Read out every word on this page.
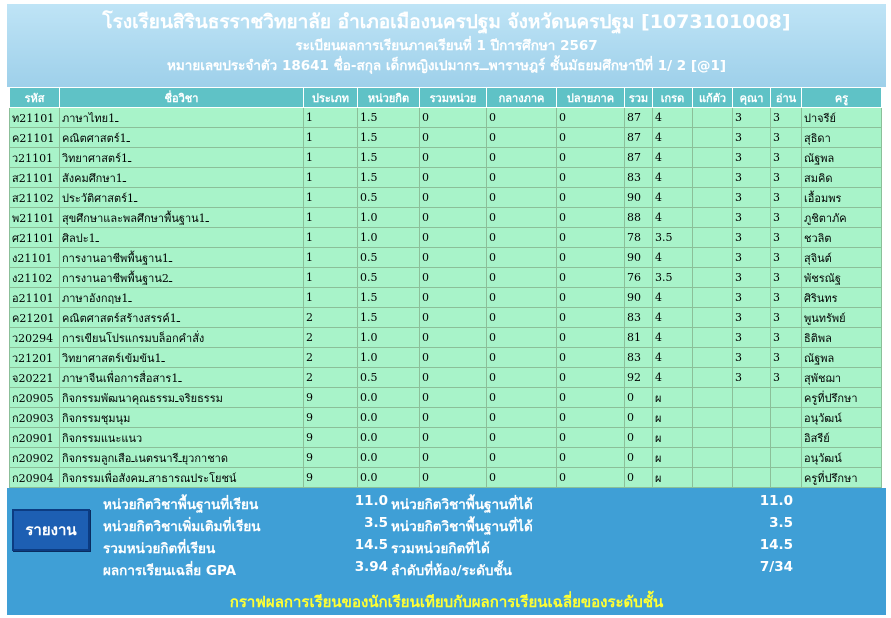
โรงเรียนสิรินธรราชวิทยาลัย อำเภอเมืองนครปฐม จังหวัดนครปฐม [1073101008]
ระเบียนผลการเรียนภาคเรียนที่ 1 ปีการศึกษา 2567
หมายเลขประจำตัว 18641 ชื่อ-สกุล เด็กหญิงเปมากรــพาราษฎร์ ชั้นมัธยมศึกษาปีที่ 1/ 2 [@1]
รหัส	ชื่อวิชา	ประเภท	หน่วยกิต	รวมหน่วย	กลางภาค	ปลายภาค	รวม	เกรด	แก้ตัว	คุณา	อ่าน	ครู
ท21101	ภาษาไทยـ1	1	1.5	0	0	0	87	4		3	3	ปาจรีย์
ค21101	คณิตศาสตร์ـ1	1	1.5	0	0	0	87	4		3	3	สุธิดา
ว21101	วิทยาศาสตร์ـ1	1	1.5	0	0	0	87	4		3	3	ณัฐพล
ส21101	สังคมศึกษาـ1	1	1.5	0	0	0	83	4		3	3	สมคิด
ส21102	ประวัติศาสตร์ـ1	1	0.5	0	0	0	90	4		3	3	เอื้อมพร
พ21101	สุขศึกษาและพลศึกษาพื้นฐานـ1	1	1.0	0	0	0	88	4		3	3	ภูชิตาภัค
ศ21101	ศิลปะـ1	1	1.0	0	0	0	78	3.5		3	3	ชวลิต
ง21101	การงานอาชีพพื้นฐานـ1	1	0.5	0	0	0	90	4		3	3	สุจินต์
ง21102	การงานอาชีพพื้นฐานـ2	1	0.5	0	0	0	76	3.5		3	3	พัชรณัฐ
อ21101	ภาษาอังกฤษـ1	1	1.5	0	0	0	90	4		3	3	ศิรินทร
ค21201	คณิตศาสตร์สร้างสรรค์ـ1	2	1.5	0	0	0	83	4		3	3	พูนทรัพย์
ว20294	การเขียนโปรแกรมบล็อกคำสั่ง	2	1.0	0	0	0	81	4		3	3	ธิติพล
ว21201	วิทยาศาสตร์เข้มข้นـ1	2	1.0	0	0	0	83	4		3	3	ณัฐพล
จ20221	ภาษาจีนเพื่อการสื่อสารـ1	2	0.5	0	0	0	92	4		3	3	สุพัชฌา
ก20905	กิจกรรมพัฒนาคุณธรรมـจริยธรรม	9	0.0	0	0	0	0	ผ				ครูที่ปรึกษา
ก20903	กิจกรรมชุมนุม	9	0.0	0	0	0	0	ผ				อนุวัฒน์
ก20901	กิจกรรมแนะแนว	9	0.0	0	0	0	0	ผ				อิสรีย์
ก20902	กิจกรรมลูกเสือـเนตรนารีـยุวกาชาด	9	0.0	0	0	0	0	ผ				อนุวัฒน์
ก20904	กิจกรรมเพื่อสังคมـสาธารณประโยชน์	9	0.0	0	0	0	0	ผ				ครูที่ปรึกษา
รายงาน
หน่วยกิตวิชาพื้นฐานที่เรียน	11.0 หน่วยกิตวิชาพื้นฐานที่ได้	11.0
หน่วยกิตวิชาเพิ่มเติมที่เรียน	3.5 หน่วยกิตวิชาพื้นฐานที่ได้	3.5
รวมหน่วยกิตที่เรียน	14.5 รวมหน่วยกิตที่ได้	14.5
ผลการเรียนเฉลี่ย GPA	3.94 ลำดับที่ห้อง/ระดับชั้น	7/34
กราฟผลการเรียนของนักเรียนเทียบกับผลการเรียนเฉลี่ยของระดับชั้น
